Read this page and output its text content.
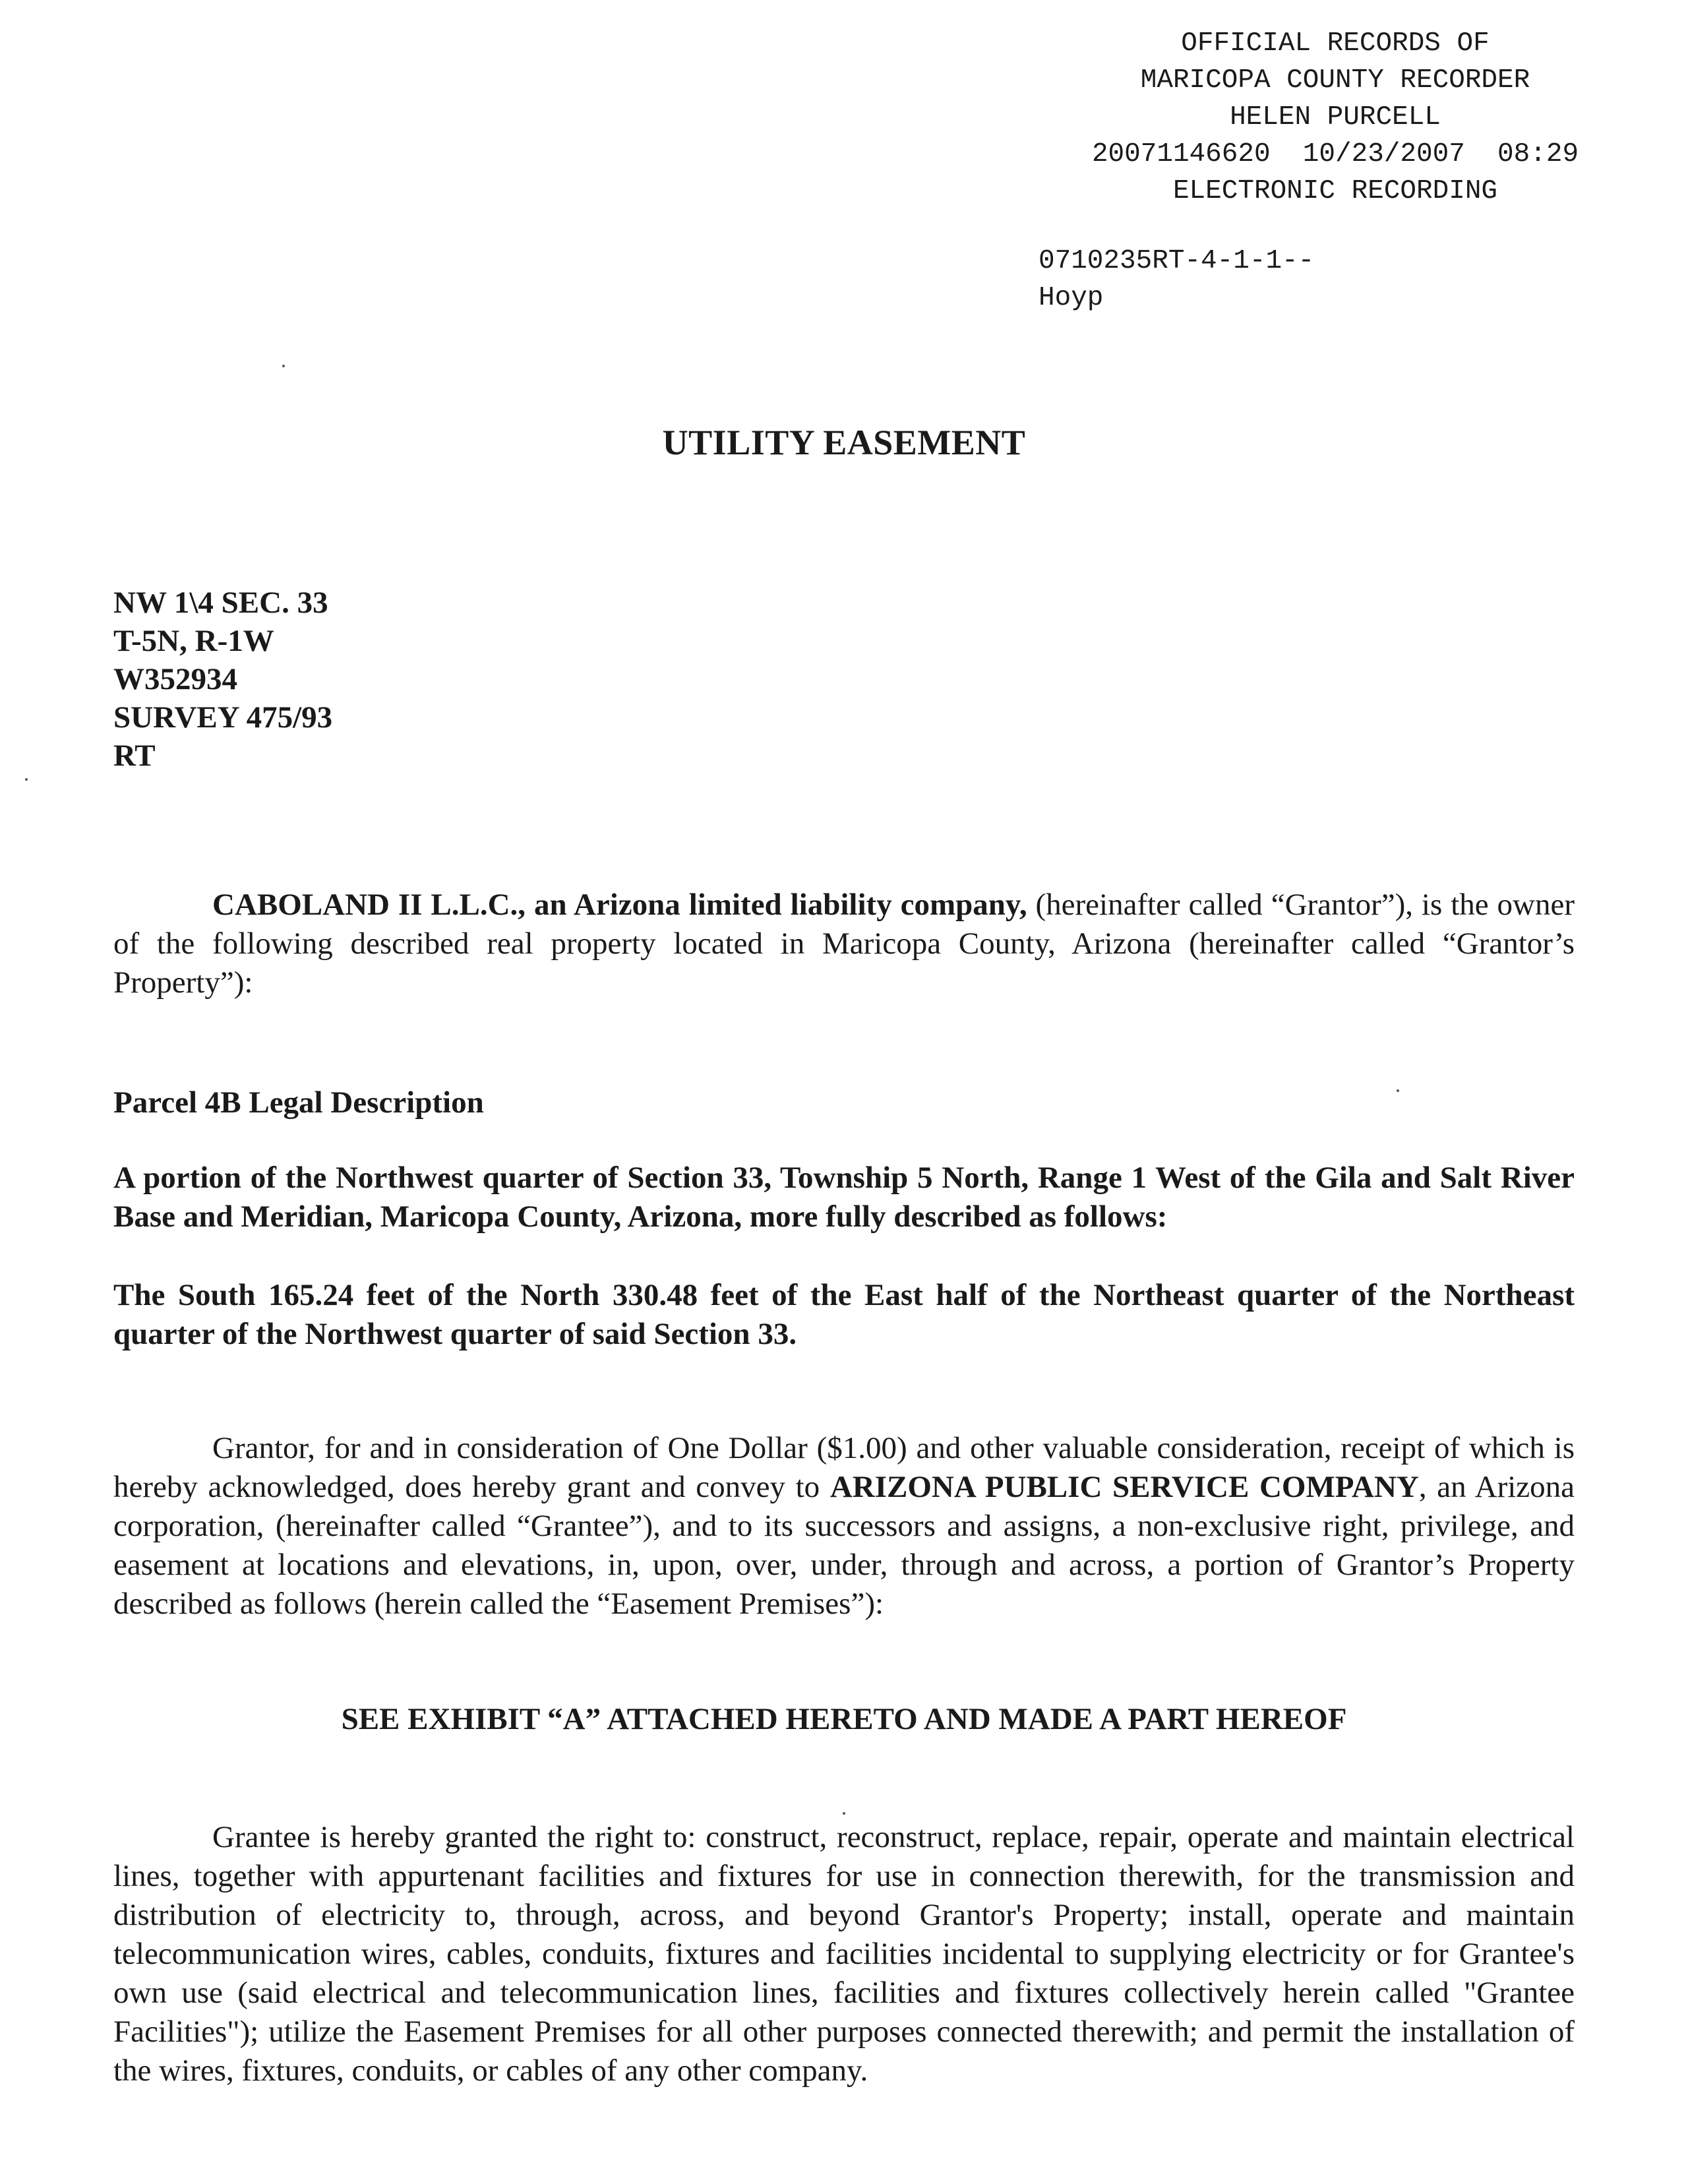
OFFICIAL RECORDS OF
MARICOPA COUNTY RECORDER
HELEN PURCELL
20071146620  10/23/2007  08:29
ELECTRONIC RECORDING
0710235RT-4-1-1--
Hoyp
UTILITY EASEMENT
NW 1\4 SEC. 33
T-5N, R-1W
W352934
SURVEY 475/93
RT
CABOLAND II L.L.C., an Arizona limited liability company, (hereinafter called “Grantor”), is the owner of the following described real property located in Maricopa County, Arizona (hereinafter called “Grantor’s Property”):
Parcel 4B Legal Description
A portion of the Northwest quarter of Section 33, Township 5 North, Range 1 West of the Gila and Salt River Base and Meridian, Maricopa County, Arizona, more fully described as follows:
The South 165.24 feet of the North 330.48 feet of the East half of the Northeast quarter of the Northeast quarter of the Northwest quarter of said Section 33.
Grantor, for and in consideration of One Dollar ($1.00) and other valuable consideration, receipt of which is hereby acknowledged, does hereby grant and convey to ARIZONA PUBLIC SERVICE COMPANY, an Arizona corporation, (hereinafter called “Grantee”), and to its successors and assigns, a non-exclusive right, privilege, and easement at locations and elevations, in, upon, over, under, through and across, a portion of Grantor’s Property described as follows (herein called the “Easement Premises”):
SEE EXHIBIT “A” ATTACHED HERETO AND MADE A PART HEREOF
Grantee is hereby granted the right to: construct, reconstruct, replace, repair, operate and maintain electrical lines, together with appurtenant facilities and fixtures for use in connection therewith, for the transmission and distribution of electricity to, through, across, and beyond Grantor's Property; install, operate and maintain telecommunication wires, cables, conduits, fixtures and facilities incidental to supplying electricity or for Grantee's own use (said electrical and telecommunication lines, facilities and fixtures collectively herein called "Grantee Facilities"); utilize the Easement Premises for all other purposes connected therewith; and permit the installation of the wires, fixtures, conduits, or cables of any other company.
